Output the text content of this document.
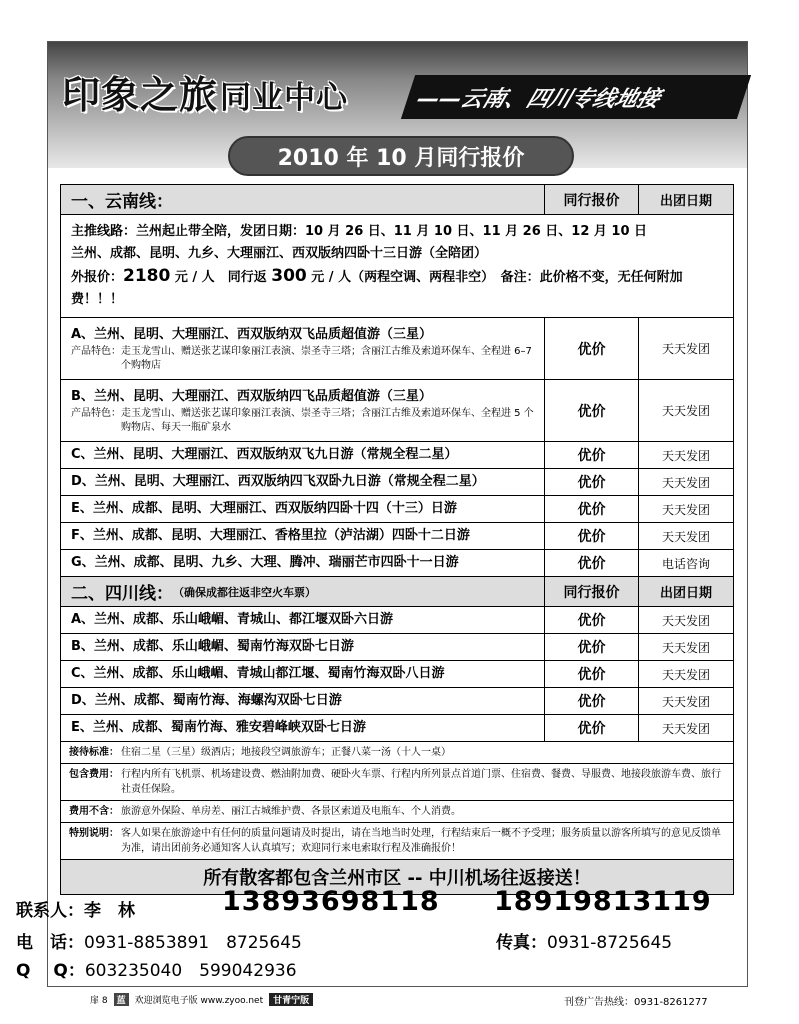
印象之旅同业中心	——云南、四川专线地接
2010 年 10 月同行报价
一、云南线：	同行报价	出团日期
主推线路：兰州起止带全陪，发团日期：10 月 26 日、11 月 10 日、11 月 26 日、12 月 10 日
兰州、成都、昆明、九乡、大理丽江、西双版纳四卧十三日游（全陪团）
外报价：2180 元 / 人　 同行返 300 元 / 人（两程空调、两程非空）　 备注：此价格不变，无任何附加费！！！
A、兰州、昆明、大理丽江、西双版纳双飞品质超值游（三星）
产品特色： 走玉龙雪山、赠送张艺谋印象丽江表演、崇圣寺三塔；含丽江古维及索道环保车、全程进 6–7 个购物店
优价	天天发团
B、兰州、昆明、大理丽江、西双版纳四飞品质超值游（三星）
产品特色： 走玉龙雪山、赠送张艺谋印象丽江表演、崇圣寺三塔；含丽江古维及索道环保车、全程进 5 个购物店、每天一瓶矿泉水
优价	天天发团
C、兰州、昆明、大理丽江、西双版纳双飞九日游（常规全程二星）	优价	天天发团
D、兰州、昆明、大理丽江、西双版纳四飞双卧九日游（常规全程二星）	优价	天天发团
E、兰州、成都、昆明、大理丽江、西双版纳四卧十四（十三）日游	优价	天天发团
F、兰州、成都、昆明、大理丽江、香格里拉（泸沽湖）四卧十二日游	优价	天天发团
G、兰州、成都、昆明、九乡、大理、腾冲、瑞丽芒市四卧十一日游	优价	电话咨询
二、四川线： （确保成都往返非空火车票）	同行报价	出团日期
A、兰州、成都、乐山峨嵋、青城山、都江堰双卧六日游	优价	天天发团
B、兰州、成都、乐山峨嵋、蜀南竹海双卧七日游	优价	天天发团
C、兰州、成都、乐山峨嵋、青城山都江堰、蜀南竹海双卧八日游	优价	天天发团
D、兰州、成都、蜀南竹海、海螺沟双卧七日游	优价	天天发团
E、兰州、成都、蜀南竹海、雅安碧峰峡双卧七日游	优价	天天发团
接待标准： 住宿二星（三星）级酒店；地接段空调旅游车；正餐八菜一汤（十人一桌）
包含费用： 行程内所有飞机票、机场建设费、燃油附加费、硬卧火车票、行程内所列景点首道门票、住宿费、餐费、导服费、地接段旅游车费、旅行社责任保险。
费用不含： 旅游意外保险、单房差、丽江古城维护费、各景区索道及电瓶车、个人消费。
特别说明： 客人如果在旅游途中有任何的质量问题请及时提出，请在当地当时处理，行程结束后一概不予受理；服务质量以游客所填写的意见反馈单为准，请出团前务必通知客人认真填写；欢迎同行来电索取行程及准确报价！
所有散客都包含兰州市区 -- 中川机场往返接送！
联系人：李　林	13893698118 18919813119
电　话：0931-8853891　8725645	传真：0931-8725645
Q　 Q：603235040　599042936
扉 8	蓝	欢迎浏览电子版 www.zyoo.net	甘青宁版	刊登广告热线：0931-8261277
